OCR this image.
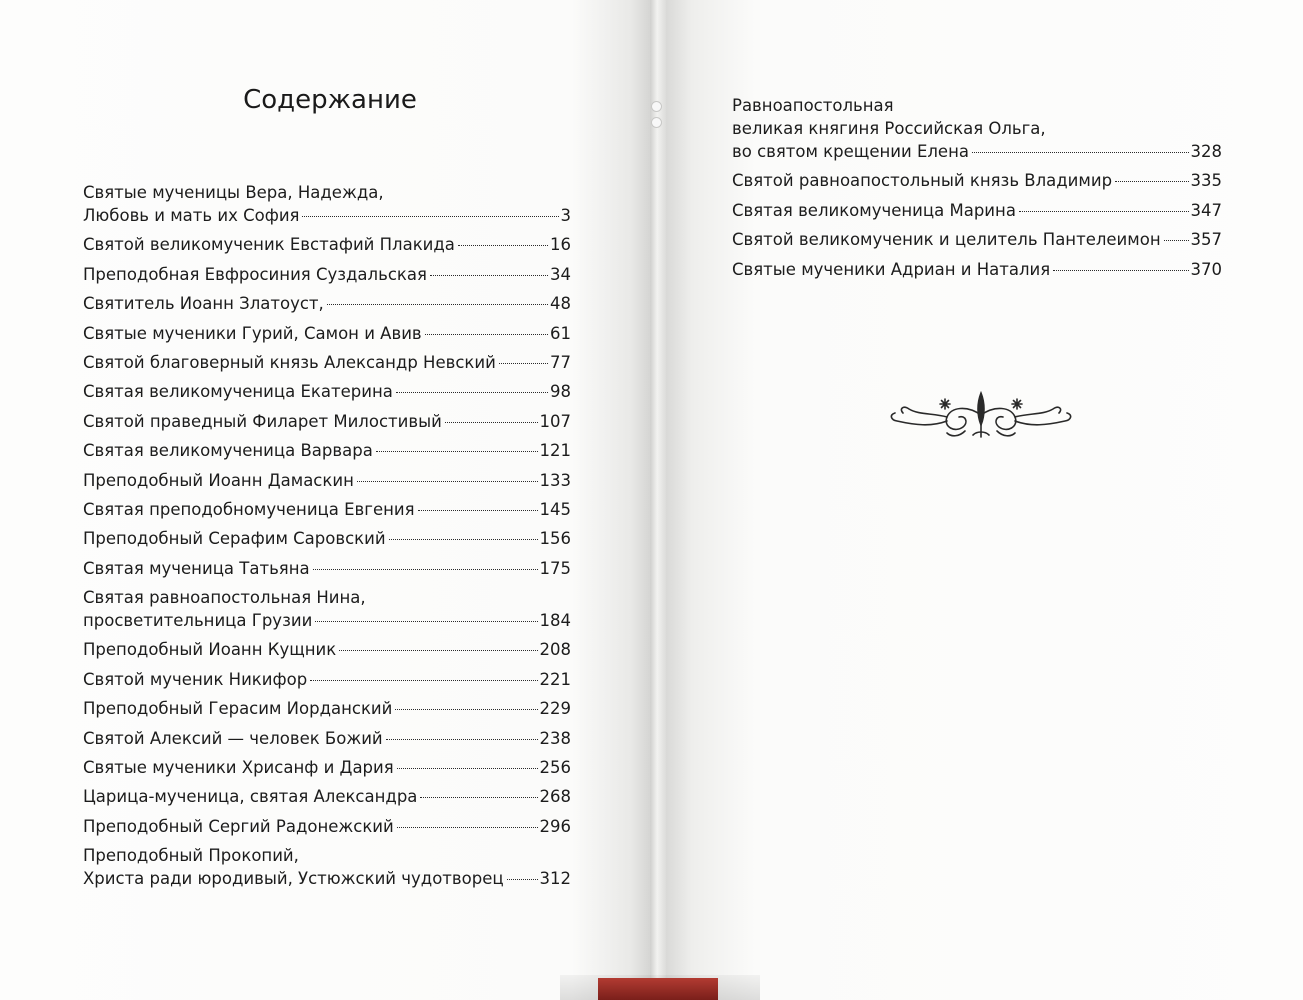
Содержание
Святые мученицы Вера, Надежда,
Любовь и мать их София	3
Святой великомученик Евстафий Плакида	16
Преподобная Евфросиния Суздальская	34
Святитель Иоанн Златоуст,	48
Святые мученики Гурий, Самон и Авив	61
Святой благоверный князь Александр Невский	77
Святая великомученица Екатерина	98
Святой праведный Филарет Милостивый	107
Святая великомученица Варвара	121
Преподобный Иоанн Дамаскин	133
Святая преподобномученица Евгения	145
Преподобный Серафим Саровский	156
Святая мученица Татьяна	175
Святая равноапостольная Нина,
просветительница Грузии	184
Преподобный Иоанн Кущник	208
Святой мученик Никифор	221
Преподобный Герасим Иорданский	229
Святой Алексий — человек Божий	238
Святые мученики Хрисанф и Дария	256
Царица-мученица, святая Александра	268
Преподобный Сергий Радонежский	296
Преподобный Прокопий,
Христа ради юродивый, Устюжский чудотворец 312
Равноапостольная
великая княгиня Российская Ольга,
во святом крещении Елена	328
Святой равноапостольный князь Владимир	335
Святая великомученица Марина	347
Святой великомученик и целитель Пантелеимон 357
Святые мученики Адриан и Наталия	370
